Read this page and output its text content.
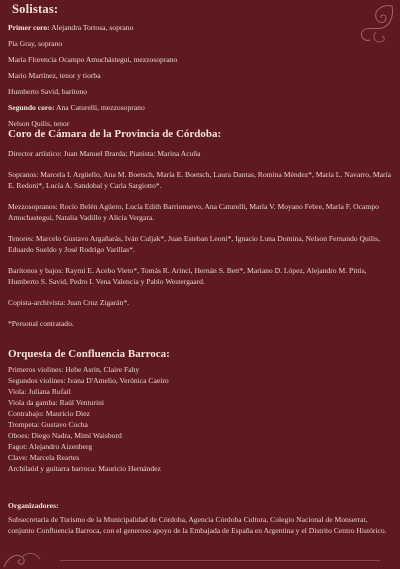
Solistas:

Primer coro: Alejandra Tortosa, soprano

Pía Gray, soprano

María Florencia Ocampo Amuchástegui, mezzosoprano

Mario Martínez, tenor y tiorba

Humberto Savid, barítono

Segundo coro: Ana Caturelli, mezzosoprano

Nelson Quilis, tenor

Coro de Cámara de la Provincia de Córdoba:

Director artístico: Juan Manuel Brarda; Pianista: Marina Acuña

Sopranos: Marcela I. Argüello, Ana M. Boetsch, María E. Boetsch, Laura Dantas, Romina Méndez*, María L. Navarro, María E. Redoni*, Lucía A. Sandobal y Carla Sargiotto*.

Mezzosopranos: Rocío Belén Agüero, Lucía Edith Barrionuevo, Ana Caturelli, María V. Moyano Febre, María F. Ocampo Amuchastegui, Natalia Vadillo y Alicia Vergara.

Tenores: Marcelo Gustavo Argañarás, Iván Culjak*, Juan Esteban Leoni*, Ignacio Luna Domina, Nelson Fernando Quilis, Eduardo Sueldo y José Rodrigo Varillas*.

Barítonos y bajos: Raymi E. Acebo Vieto*, Tomás R. Arinci, Hernán S. Bett*, Mariano D. López, Alejandro M. Pittis, Humberto S. Savid, Pedro I. Vena Valencia y Pablo Westergaard.

Copista-archivista: Juan Cruz Zigarán*.

*Personal contratado.

Orquesta de Confluencia Barroca:

Primeros violines: Hebe Asrin, Claire Fahy

Segundos violines: Ivana D'Amelio, Verónica Caeiro

Viola: Juliana Rufail

Viola da gamba: Raúl Venturini

Contrabajo: Mauricio Diez

Trompeta: Gustavo Cocha

Oboes: Diego Nadra, Mimí Waisbord

Fagot: Alejandro Aizenberg

Clave: Marcela Reartes

Archilaúd y guitarra barroca: Mauricio Hernández

Organizadores:

Subsecretaría de Turismo de la Municipalidad de Córdoba, Agencia Córdoba Cultura, Colegio Nacional de Monserrat, conjunto Confluencia Barroca, con el generoso apoyo de la Embajada de España en Argentina y el Distrito Centro Histórico.
